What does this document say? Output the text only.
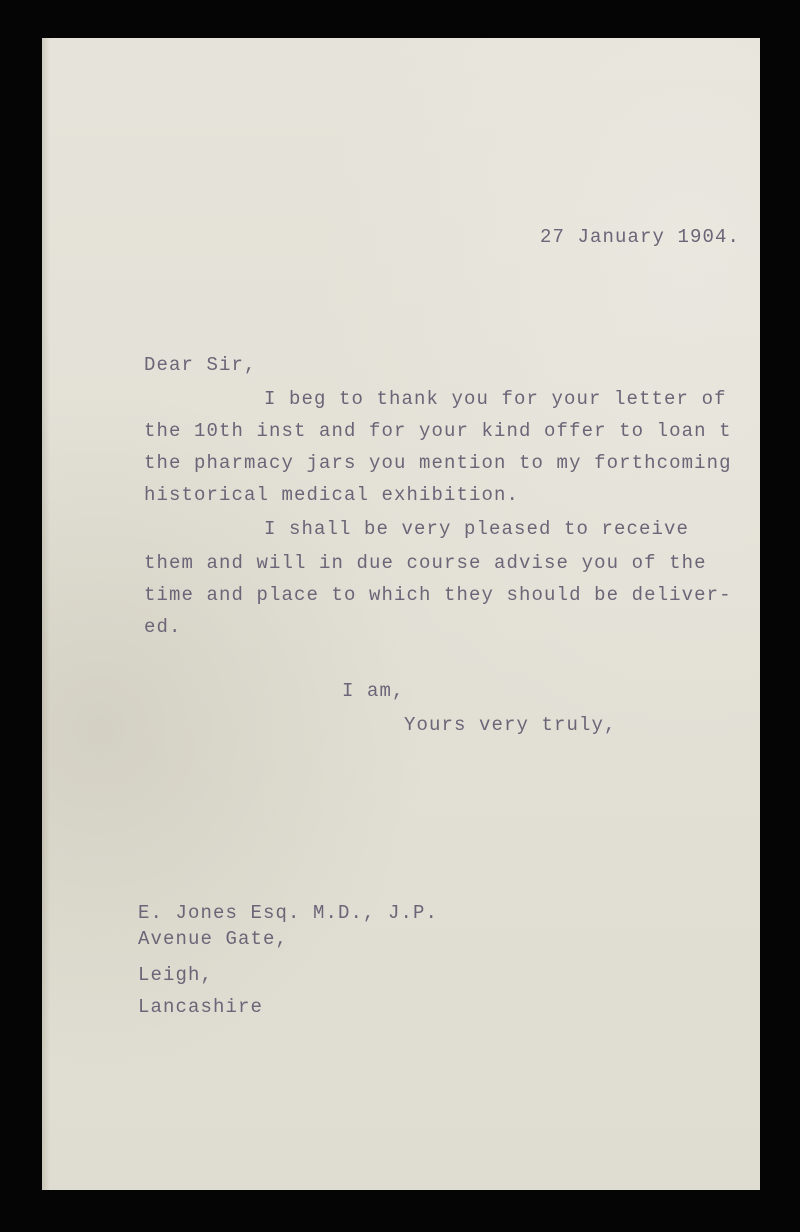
27 January 1904.

Dear Sir,

I beg to thank you for your letter of

the 10th inst and for your kind offer to loan t

the pharmacy jars you mention to my forthcoming

historical medical exhibition.

I shall be very pleased to receive

them and will in due course advise you of the

time and place to which they should be deliver-

ed.

I am,

Yours very truly,

E. Jones Esq. M.D., J.P.

Avenue Gate,

Leigh,

Lancashire
